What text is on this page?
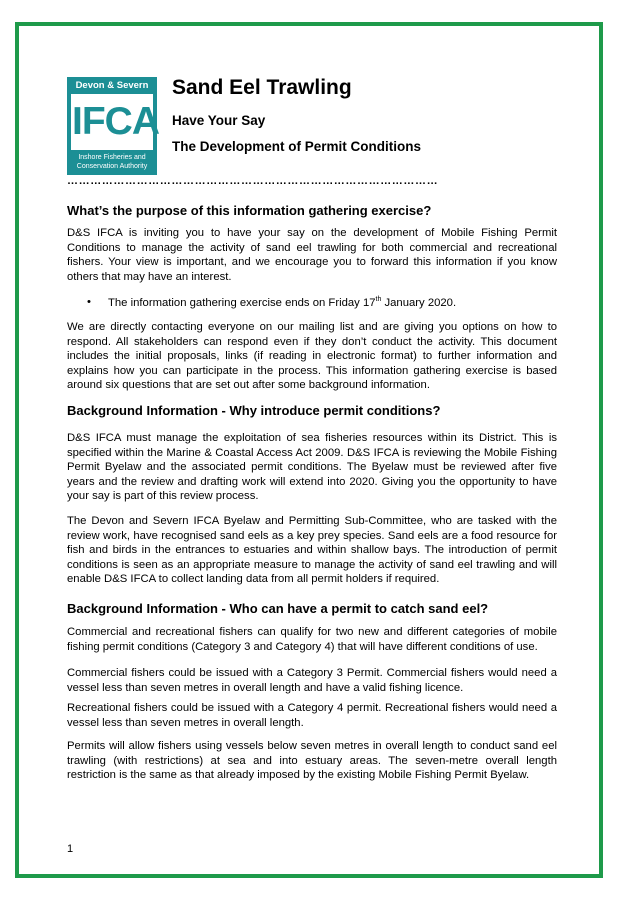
Devon & Severn
IFCA
Inshore Fisheries and
Conservation Authority
Sand Eel Trawling
Have Your Say
The Development of Permit Conditions
……………………………………………………………………………………
What’s the purpose of this information gathering exercise?
D&S IFCA is inviting you to have your say on the development of Mobile Fishing Permit Conditions to manage the activity of sand eel trawling for both commercial and recreational fishers. Your view is important, and we encourage you to forward this information if you know others that may have an interest.
• The information gathering exercise ends on Friday 17th January 2020.
We are directly contacting everyone on our mailing list and are giving you options on how to respond. All stakeholders can respond even if they don’t conduct the activity. This document includes the initial proposals, links (if reading in electronic format) to further information and explains how you can participate in the process. This information gathering exercise is based around six questions that are set out after some background information.
Background Information - Why introduce permit conditions?
D&S IFCA must manage the exploitation of sea fisheries resources within its District. This is specified within the Marine & Coastal Access Act 2009. D&S IFCA is reviewing the Mobile Fishing Permit Byelaw and the associated permit conditions. The Byelaw must be reviewed after five years and the review and drafting work will extend into 2020. Giving you the opportunity to have your say is part of this review process.
The Devon and Severn IFCA Byelaw and Permitting Sub-Committee, who are tasked with the review work, have recognised sand eels as a key prey species. Sand eels are a food resource for fish and birds in the entrances to estuaries and within shallow bays. The introduction of permit conditions is seen as an appropriate measure to manage the activity of sand eel trawling and will enable D&S IFCA to collect landing data from all permit holders if required.
Background Information - Who can have a permit to catch sand eel?
Commercial and recreational fishers can qualify for two new and different categories of mobile fishing permit conditions (Category 3 and Category 4) that will have different conditions of use.
Commercial fishers could be issued with a Category 3 Permit. Commercial fishers would need a vessel less than seven metres in overall length and have a valid fishing licence.
Recreational fishers could be issued with a Category 4 permit. Recreational fishers would need a vessel less than seven metres in overall length.
Permits will allow fishers using vessels below seven metres in overall length to conduct sand eel trawling (with restrictions) at sea and into estuary areas. The seven-metre overall length restriction is the same as that already imposed by the existing Mobile Fishing Permit Byelaw.
1
